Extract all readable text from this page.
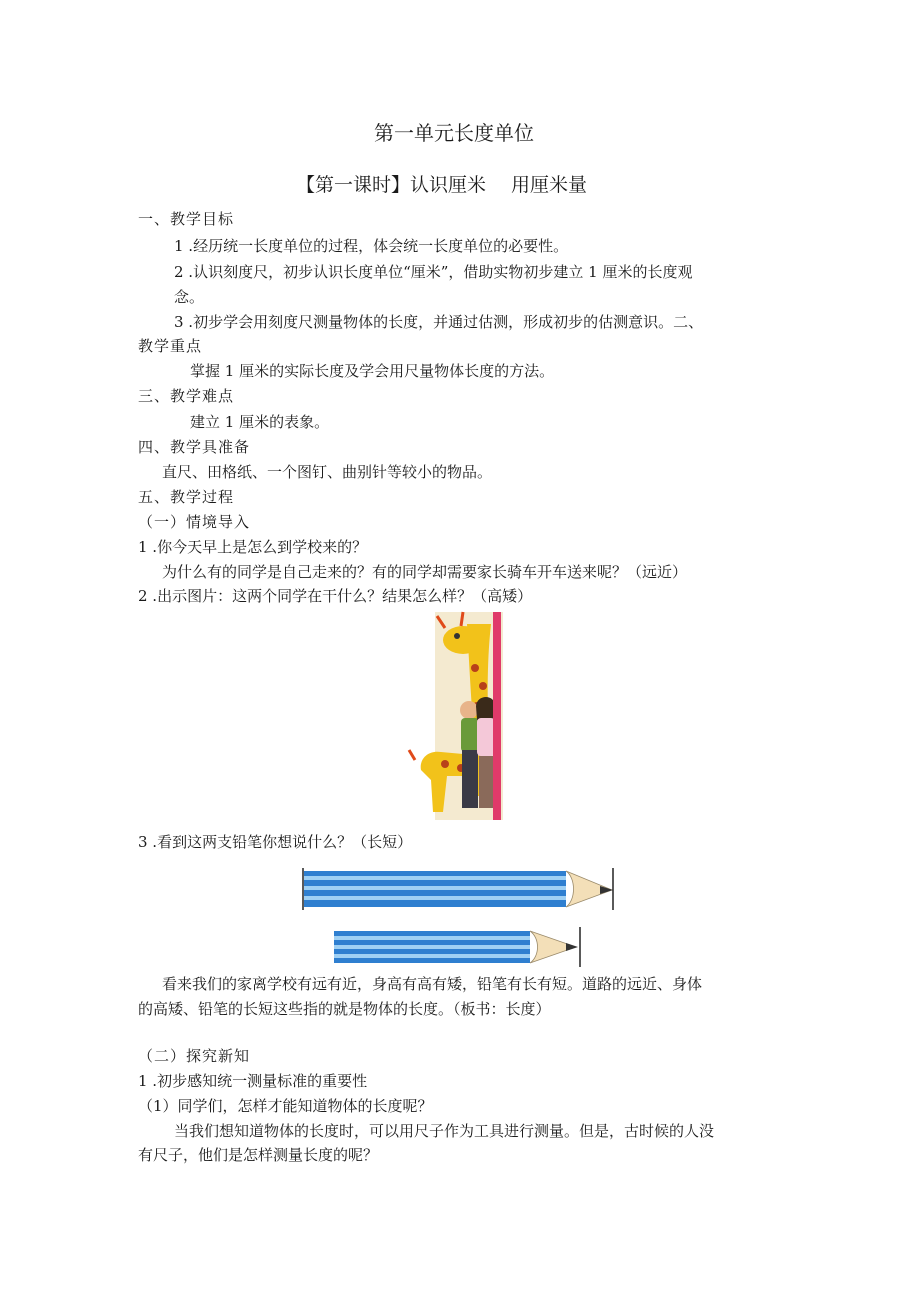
第一单元长度单位
【第一课时】认识厘米　 用厘米量
一、教学目标
1 .经历统一长度单位的过程，体会统一长度单位的必要性。
2 .认识刻度尺，初步认识长度单位“厘米”，借助实物初步建立 1 厘米的长度观
念。
3 .初步学会用刻度尺测量物体的长度，并通过估测，形成初步的估测意识。二、
教学重点
掌握 1 厘米的实际长度及学会用尺量物体长度的方法。
三、教学难点
建立 1 厘米的表象。
四、教学具准备
直尺、田格纸、一个图钉、曲别针等较小的物品。
五、教学过程
（一）情境导入
1 .你今天早上是怎么到学校来的？
为什么有的同学是自己走来的？有的同学却需要家长骑车开车送来呢？（远近）
2 .出示图片：这两个同学在干什么？结果怎么样？（高矮）
3 .看到这两支铅笔你想说什么？（长短）
看来我们的家离学校有远有近，身高有高有矮，铅笔有长有短。道路的远近、身体
的高矮、铅笔的长短这些指的就是物体的长度。（板书：长度）
（二）探究新知
1 .初步感知统一测量标准的重要性
（1）同学们，怎样才能知道物体的长度呢？
当我们想知道物体的长度时，可以用尺子作为工具进行测量。但是，古时候的人没
有尺子，他们是怎样测量长度的呢？
